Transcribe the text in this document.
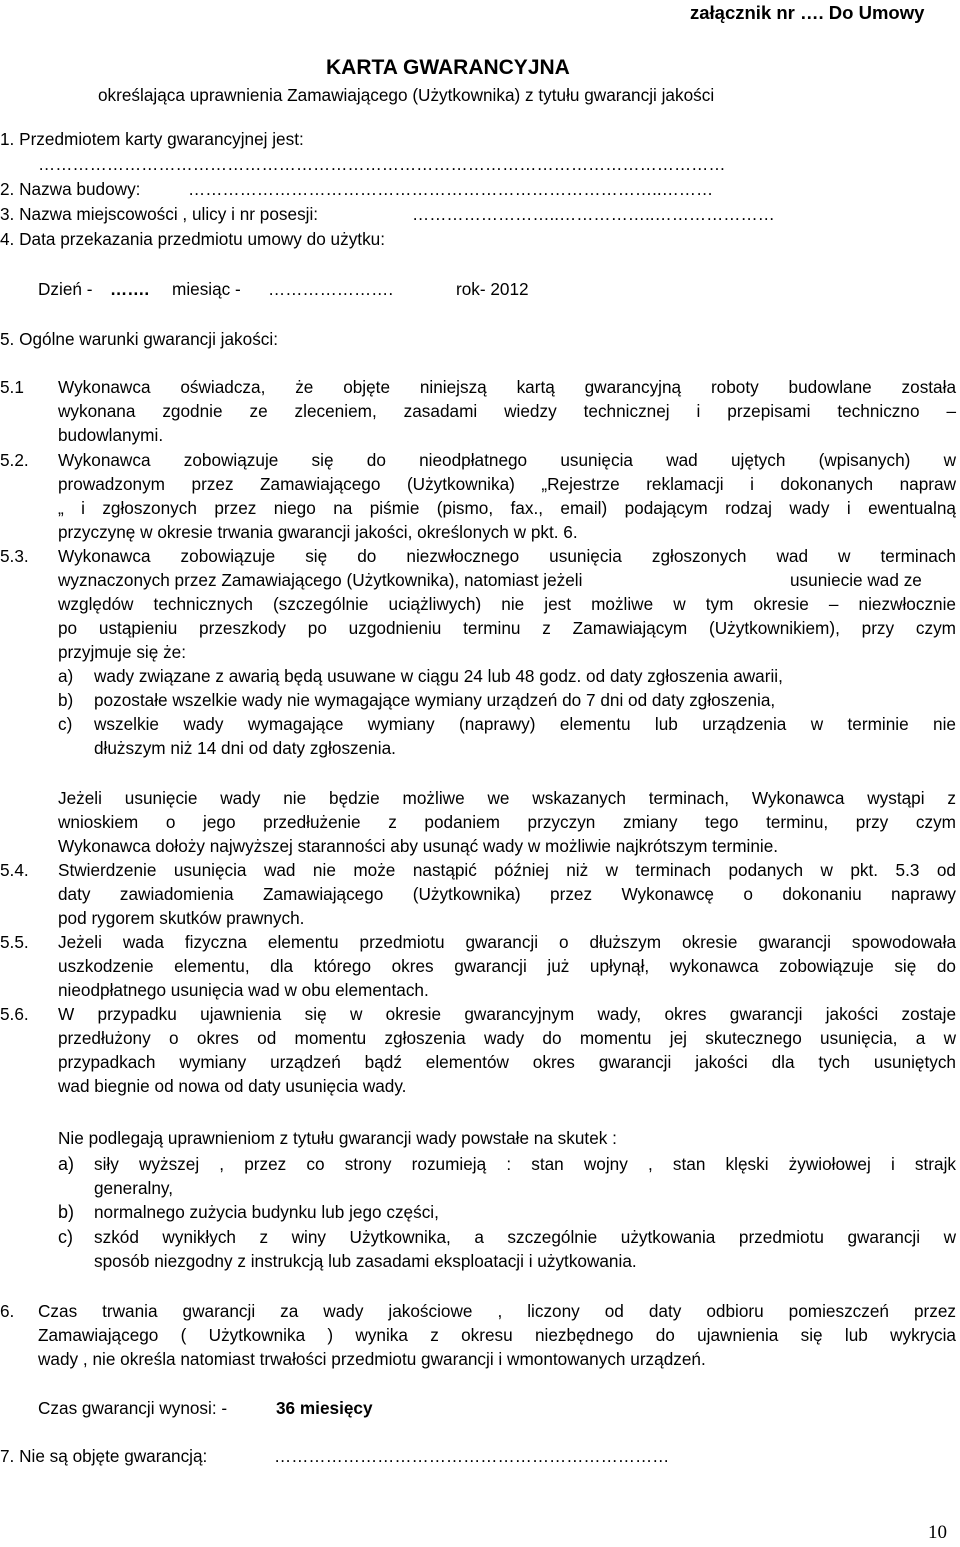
załącznik nr …. Do Umowy
KARTA GWARANCYJNA
określająca uprawnienia Zamawiającego (Użytkownika) z tytułu gwarancji jakości
1. Przedmiotem karty gwarancyjnej jest:
…………………………………………………………………………………………………………
2. Nazwa budowy:	………………………………………………………………………..………
3. Nazwa miejscowości , ulicy i nr posesji:	……………………..……………..…………………
4. Data przekazania przedmiotu umowy do użytku:
Dzień - ……. miesiąc - ………………….	rok- 2012
5. Ogólne warunki gwarancji jakości:
5.1 Wykonawca oświadcza, że objęte niniejszą kartą gwarancyjną roboty budowlane została
wykonana zgodnie ze zleceniem, zasadami wiedzy technicznej i przepisami techniczno –
budowlanymi.
5.2. Wykonawca zobowiązuje się do nieodpłatnego usunięcia wad ujętych (wpisanych) w
prowadzonym przez Zamawiającego (Użytkownika) „Rejestrze reklamacji i dokonanych napraw
„ i zgłoszonych przez niego na piśmie (pismo, fax., email) podającym rodzaj wady i ewentualną
przyczynę w okresie trwania gwarancji jakości, określonych w pkt. 6.
5.3. Wykonawca zobowiązuje się do niezwłocznego usunięcia zgłoszonych wad w terminach
wyznaczonych przez Zamawiającego (Użytkownika), natomiast jeżeli	usuniecie wad ze
względów technicznych (szczególnie uciążliwych) nie jest możliwe w tym okresie – niezwłocznie
po ustąpieniu przeszkody po uzgodnieniu terminu z Zamawiającym (Użytkownikiem), przy czym
przyjmuje się że:
a) wady związane z awarią będą usuwane w ciągu 24 lub 48 godz. od daty zgłoszenia awarii,
b) pozostałe wszelkie wady nie wymagające wymiany urządzeń do 7 dni od daty zgłoszenia,
c) wszelkie wady wymagające wymiany (naprawy) elementu lub urządzenia w terminie nie
dłuższym niż 14 dni od daty zgłoszenia.
Jeżeli usunięcie wady nie będzie możliwe we wskazanych terminach, Wykonawca wystąpi z
wnioskiem o jego przedłużenie z podaniem przyczyn zmiany tego terminu, przy czym
Wykonawca dołoży najwyższej staranności aby usunąć wady w możliwie najkrótszym terminie.
5.4. Stwierdzenie usunięcia wad nie może nastąpić później niż w terminach podanych w pkt. 5.3 od
daty zawiadomienia Zamawiającego (Użytkownika) przez Wykonawcę o dokonaniu naprawy
pod rygorem skutków prawnych.
5.5. Jeżeli wada fizyczna elementu przedmiotu gwarancji o dłuższym okresie gwarancji spowodowała
uszkodzenie elementu, dla którego okres gwarancji już upłynął, wykonawca zobowiązuje się do
nieodpłatnego usunięcia wad w obu elementach.
5.6. W przypadku ujawnienia się w okresie gwarancyjnym wady, okres gwarancji jakości zostaje
przedłużony o okres od momentu zgłoszenia wady do momentu jej skutecznego usunięcia, a w
przypadkach wymiany urządzeń bądź elementów okres gwarancji jakości dla tych usuniętych
wad biegnie od nowa od daty usunięcia wady.
Nie podlegają uprawnieniom z tytułu gwarancji wady powstałe na skutek :
a) siły wyższej , przez co strony rozumieją : stan wojny , stan klęski żywiołowej i strajk
generalny,
b) normalnego zużycia budynku lub jego części,
c) szkód wynikłych z winy Użytkownika, a szczególnie użytkowania przedmiotu gwarancji w
sposób niezgodny z instrukcją lub zasadami eksploatacji i użytkowania.
6. Czas trwania gwarancji za wady jakościowe , liczony od daty odbioru pomieszczeń przez
Zamawiającego ( Użytkownika ) wynika z okresu niezbędnego do ujawnienia się lub wykrycia
wady , nie określa natomiast trwałości przedmiotu gwarancji i wmontowanych urządzeń.
Czas gwarancji wynosi: -	36 miesięcy
7. Nie są objęte gwarancją:	……………………………………………………………
10
